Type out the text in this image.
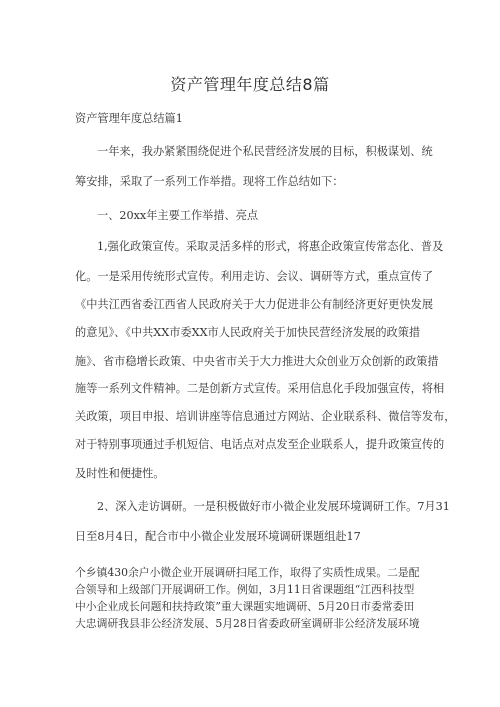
资产管理年度总结8篇
资产管理年度总结篇1
一年来，我办紧紧围绕促进个私民营经济发展的目标，积极谋划、统
筹安排，采取了一系列工作举措。现将工作总结如下：
一、20xx年主要工作举措、亮点
1,强化政策宣传。采取灵活多样的形式，将惠企政策宣传常态化、普及
化。一是采用传统形式宣传。利用走访、会议、调研等方式，重点宣传了
《中共江西省委江西省人民政府关于大力促进非公有制经济更好更快发展
的意见》、《中共XX市委XX市人民政府关于加快民营经济发展的政策措
施》、省市稳增长政策、中央省市关于大力推进大众创业万众创新的政策措
施等一系列文件精神。二是创新方式宣传。采用信息化手段加强宣传，将相
关政策，项目申报、培训讲座等信息通过方网站、企业联系科、微信等发布，
对于特别事项通过手机短信、电话点对点发至企业联系人，提升政策宣传的
及时性和便捷性。
2、深入走访调研。一是积极做好市小微企业发展环境调研工作。7月31
日至8月4日，配合市中小微企业发展环境调研课题组赴17
个乡镇430余户小微企业开展调研扫尾工作，取得了实质性成果。二是配
合领导和上级部门开展调研工作。例如，3月11日省课题组“江西科技型
中小企业成长问题和扶持政策”重大课题实地调研、5月20日市委常委田
大忠调研我县非公经济发展、5月28日省委政研室调研非公经济发展环境
